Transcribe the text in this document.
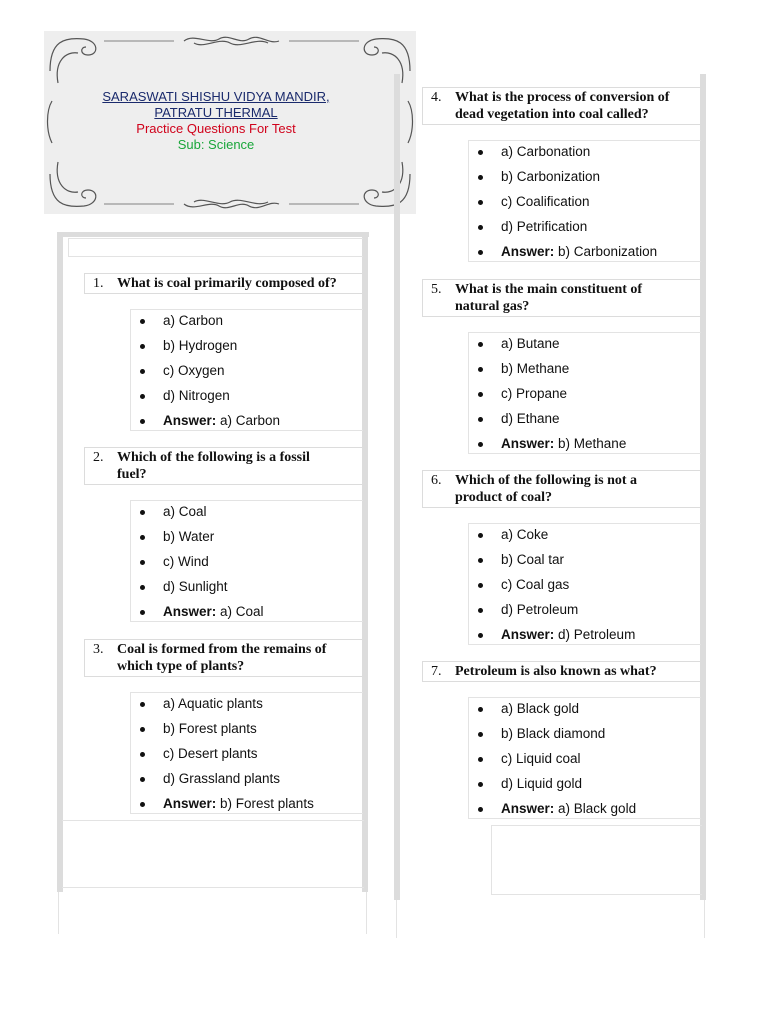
SARASWATI SHISHU VIDYA MANDIR,
PATRATU THERMAL
Practice Questions For Test
Sub: Science
1. What is coal primarily composed of?
a) Carbon
b) Hydrogen
c) Oxygen
d) Nitrogen
Answer: a) Carbon
2. Which of the following is a fossil fuel?
a) Coal
b) Water
c) Wind
d) Sunlight
Answer: a) Coal
3. Coal is formed from the remains of which type of plants?
a) Aquatic plants
b) Forest plants
c) Desert plants
d) Grassland plants
Answer: b) Forest plants
4. What is the process of conversion of dead vegetation into coal called?
a) Carbonation
b) Carbonization
c) Coalification
d) Petrification
Answer: b) Carbonization
5. What is the main constituent of natural gas?
a) Butane
b) Methane
c) Propane
d) Ethane
Answer: b) Methane
6. Which of the following is not a product of coal?
a) Coke
b) Coal tar
c) Coal gas
d) Petroleum
Answer: d) Petroleum
7. Petroleum is also known as what?
a) Black gold
b) Black diamond
c) Liquid coal
d) Liquid gold
Answer: a) Black gold
